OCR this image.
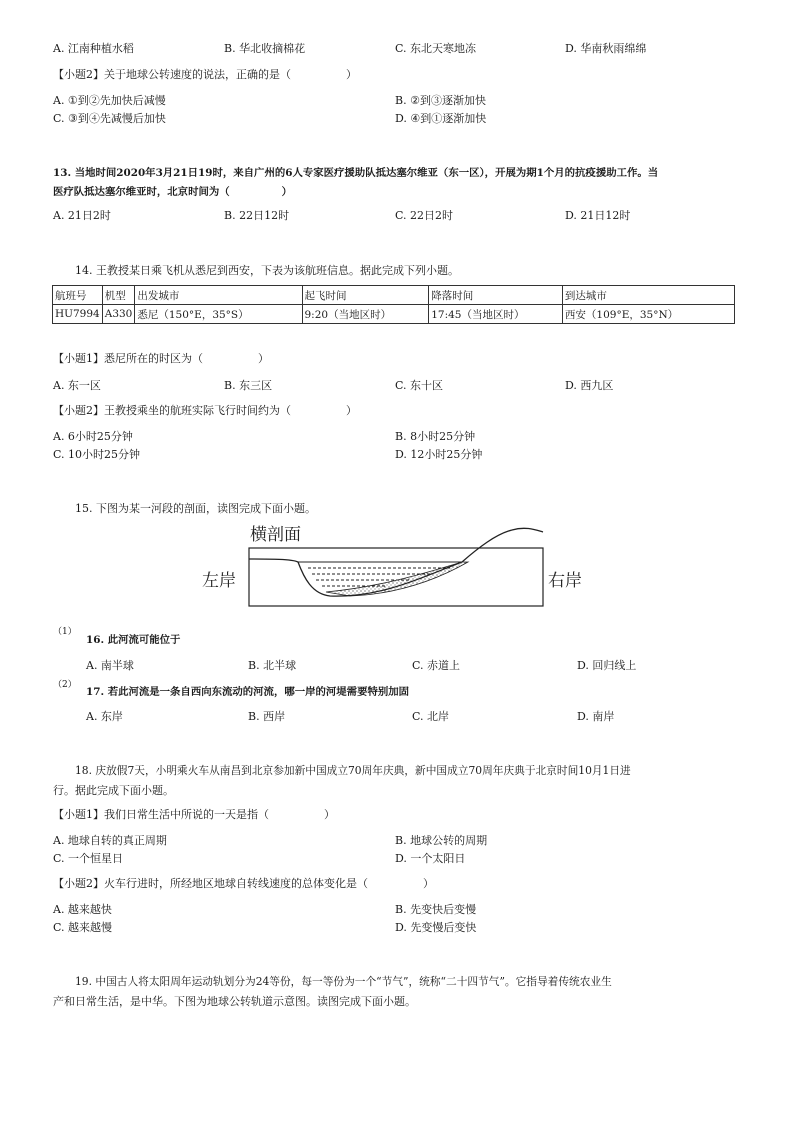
A. 江南种植水稻	B. 华北收摘棉花	C. 东北天寒地冻	D. 华南秋雨绵绵
【小题2】关于地球公转速度的说法，正确的是（　　　　　）
A. ①到②先加快后减慢	B. ②到③逐渐加快
C. ③到④先减慢后加快	D. ④到①逐渐加快
13. 当地时间2020年3月21日19时，来自广州的6人专家医疗援助队抵达塞尔维亚（东一区），开展为期1个月的抗疫援助工作。当
医疗队抵达塞尔维亚时，北京时间为（　　　　　）
A. 21日2时	B. 22日12时	C. 22日2时	D. 21日12时
14. 王教授某日乘飞机从悉尼到西安，下表为该航班信息。据此完成下列小题。
航班号	机型	出发城市	起飞时间	降落时间	到达城市
HU7994	A330	悉尼（150°E，35°S）	9:20（当地区时）	17:45（当地区时）	西安（109°E，35°N）
【小题1】悉尼所在的时区为（　　　　　）
A. 东一区	B. 东三区	C. 东十区	D. 西九区
【小题2】王教授乘坐的航班实际飞行时间约为（　　　　　）
A. 6小时25分钟	B. 8小时25分钟
C. 10小时25分钟	D. 12小时25分钟
15. 下图为某一河段的剖面，读图完成下面小题。
横剖面
左岸	右岸
（1）
16. 此河流可能位于
A. 南半球	B. 北半球	C. 赤道上	D. 回归线上
（2）
17. 若此河流是一条自西向东流动的河流，哪一岸的河堤需要特别加固
A. 东岸	B. 西岸	C. 北岸	D. 南岸
18. 庆放假7天，小明乘火车从南昌到北京参加新中国成立70周年庆典，新中国成立70周年庆典于北京时间10月1日进
行。据此完成下面小题。
【小题1】我们日常生活中所说的一天是指（　　　　　）
A. 地球自转的真正周期	B. 地球公转的周期
C. 一个恒星日	D. 一个太阳日
【小题2】火车行进时，所经地区地球自转线速度的总体变化是（　　　　　）
A. 越来越快	B. 先变快后变慢
C. 越来越慢	D. 先变慢后变快
19. 中国古人将太阳周年运动轨划分为24等份，每一等份为一个“节气”，统称“二十四节气”。它指导着传统农业生
产和日常生活，是中华。下图为地球公转轨道示意图。读图完成下面小题。
